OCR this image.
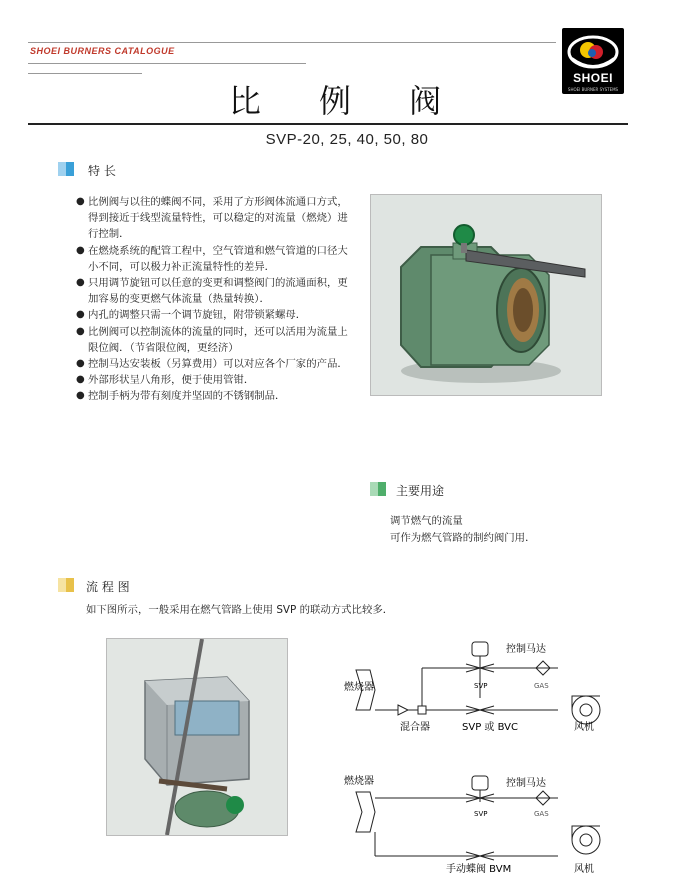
SHOEI BURNERS CATALOGUE
SHOEI
SHOEI BURNER SYSTEMS
比 例 阀
SVP-20, 25, 40, 50, 80
特 长
● 比例阀与以往的蝶阀不同，采用了方形阀体流通口方式，得到接近于线型流量特性，可以稳定的对流量（燃烧）进行控制．
● 在燃烧系统的配管工程中，空气管道和燃气管道的口径大小不同，可以极力补正流量特性的差异．
● 只用调节旋钮可以任意的变更和调整阀门的流通面积，更加容易的变更燃气体流量（热量转换）．
● 内孔的调整只需一个调节旋钮，附带锁紧螺母．
● 比例阀可以控制流体的流量的同时，还可以活用为流量上限位阀．（节省限位阀，更经济）
● 控制马达安装板（另算费用）可以对应各个厂家的产品．
● 外部形状呈八角形，便于使用管钳．
● 控制手柄为带有刻度并坚固的不锈钢制品．
主要用途
调节燃气的流量
可作为燃气管路的制约阀门用．
流 程 图
如下图所示，一般采用在燃气管路上使用 SVP 的联动方式比较多．
燃烧器
控制马达
SVP	GAS
混合器	SVP 或 BVC	风机
燃烧器	控制马达
SVP	GAS
手动蝶阀 BVM	风机
